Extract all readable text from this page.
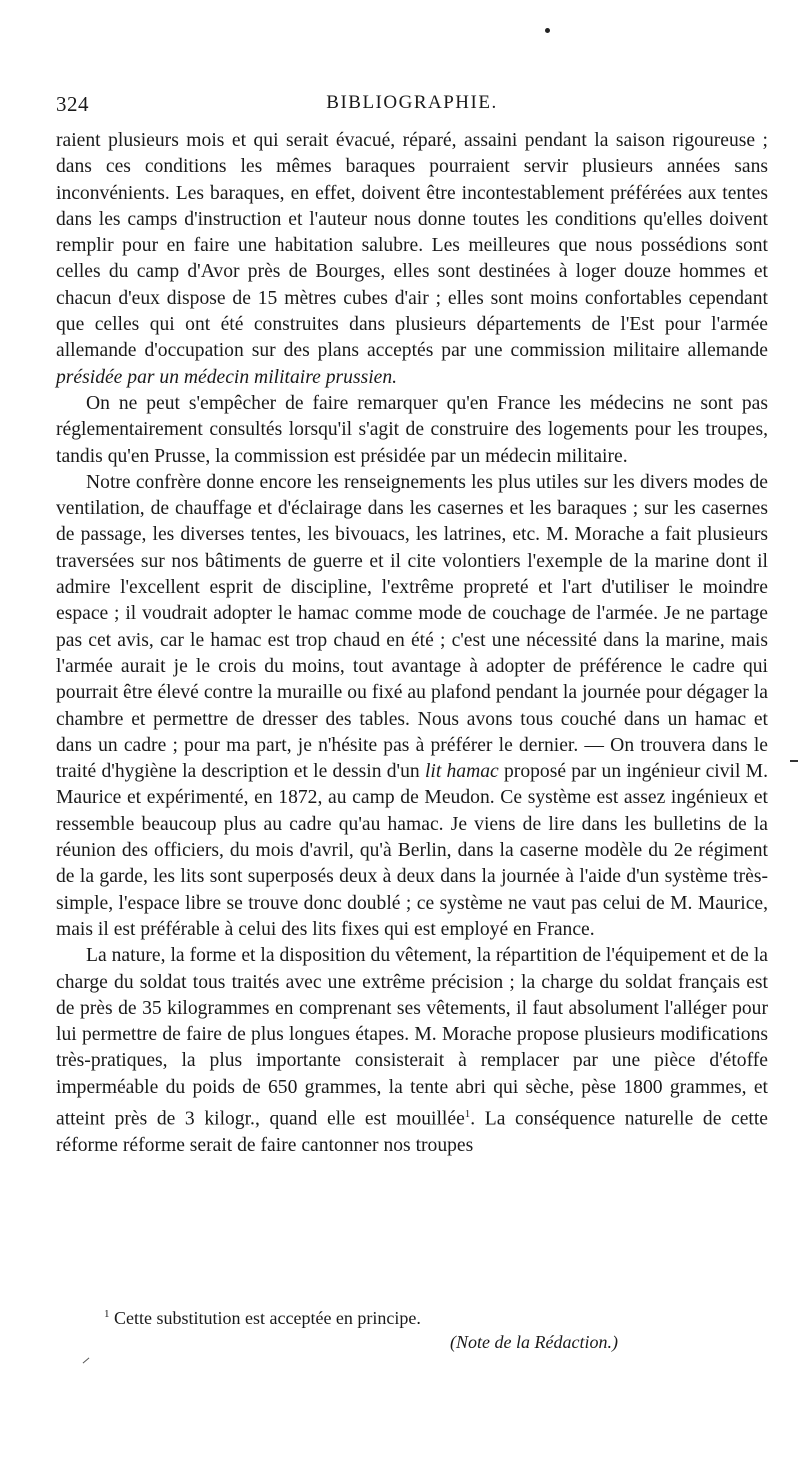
324	BIBLIOGRAPHIE.

raient plusieurs mois et qui serait évacué, réparé, assaini pendant la saison rigoureuse ; dans ces conditions les mêmes baraques pourraient servir plusieurs années sans inconvénients. Les baraques, en effet, doivent être incontestablement préférées aux tentes dans les camps d'instruction et l'auteur nous donne toutes les conditions qu'elles doivent remplir pour en faire une habitation salubre. Les meilleures que nous possédions sont celles du camp d'Avor près de Bourges, elles sont destinées à loger douze hommes et chacun d'eux dispose de 15 mètres cubes d'air ; elles sont moins confortables cependant que celles qui ont été construites dans plusieurs départements de l'Est pour l'armée allemande d'occupation sur des plans acceptés par une commission militaire allemande présidée par un médecin militaire prussien.

On ne peut s'empêcher de faire remarquer qu'en France les médecins ne sont pas réglementairement consultés lorsqu'il s'agit de construire des logements pour les troupes, tandis qu'en Prusse, la commission est présidée par un médecin militaire.

Notre confrère donne encore les renseignements les plus utiles sur les divers modes de ventilation, de chauffage et d'éclairage dans les casernes et les baraques ; sur les casernes de passage, les diverses tentes, les bivouacs, les latrines, etc. M. Morache a fait plusieurs traversées sur nos bâtiments de guerre et il cite volontiers l'exemple de la marine dont il admire l'excellent esprit de discipline, l'extrême propreté et l'art d'utiliser le moindre espace ; il voudrait adopter le hamac comme mode de couchage de l'armée. Je ne partage pas cet avis, car le hamac est trop chaud en été ; c'est une nécessité dans la marine, mais l'armée aurait je le crois du moins, tout avantage à adopter de préférence le cadre qui pourrait être élevé contre la muraille ou fixé au plafond pendant la journée pour dégager la chambre et permettre de dresser des tables. Nous avons tous couché dans un hamac et dans un cadre ; pour ma part, je n'hésite pas à préférer le dernier. — On trouvera dans le traité d'hygiène la description et le dessin d'un lit hamac proposé par un ingénieur civil M. Maurice et expérimenté, en 1872, au camp de Meudon. Ce système est assez ingénieux et ressemble beaucoup plus au cadre qu'au hamac. Je viens de lire dans les bulletins de la réunion des officiers, du mois d'avril, qu'à Berlin, dans la caserne modèle du 2e régiment de la garde, les lits sont superposés deux à deux dans la journée à l'aide d'un système très-simple, l'espace libre se trouve donc doublé ; ce système ne vaut pas celui de M. Maurice, mais il est préférable à celui des lits fixes qui est employé en France.

La nature, la forme et la disposition du vêtement, la répartition de l'équipement et de la charge du soldat tous traités avec une extrême précision ; la charge du soldat français est de près de 35 kilogrammes en comprenant ses vêtements, il faut absolument l'alléger pour lui permettre de faire de plus longues étapes. M. Morache propose plusieurs modifications très-pratiques, la plus importante consisterait à remplacer par une pièce d'étoffe imperméable du poids de 650 grammes, la tente abri qui sèche, pèse 1800 grammes, et atteint près de 3 kilogr., quand elle est mouillée$^1$. La conséquence naturelle de cette réforme réforme serait de faire cantonner nos troupes

$^1$ Cette substitution est acceptée en principe.
(Note de la Rédaction.)
